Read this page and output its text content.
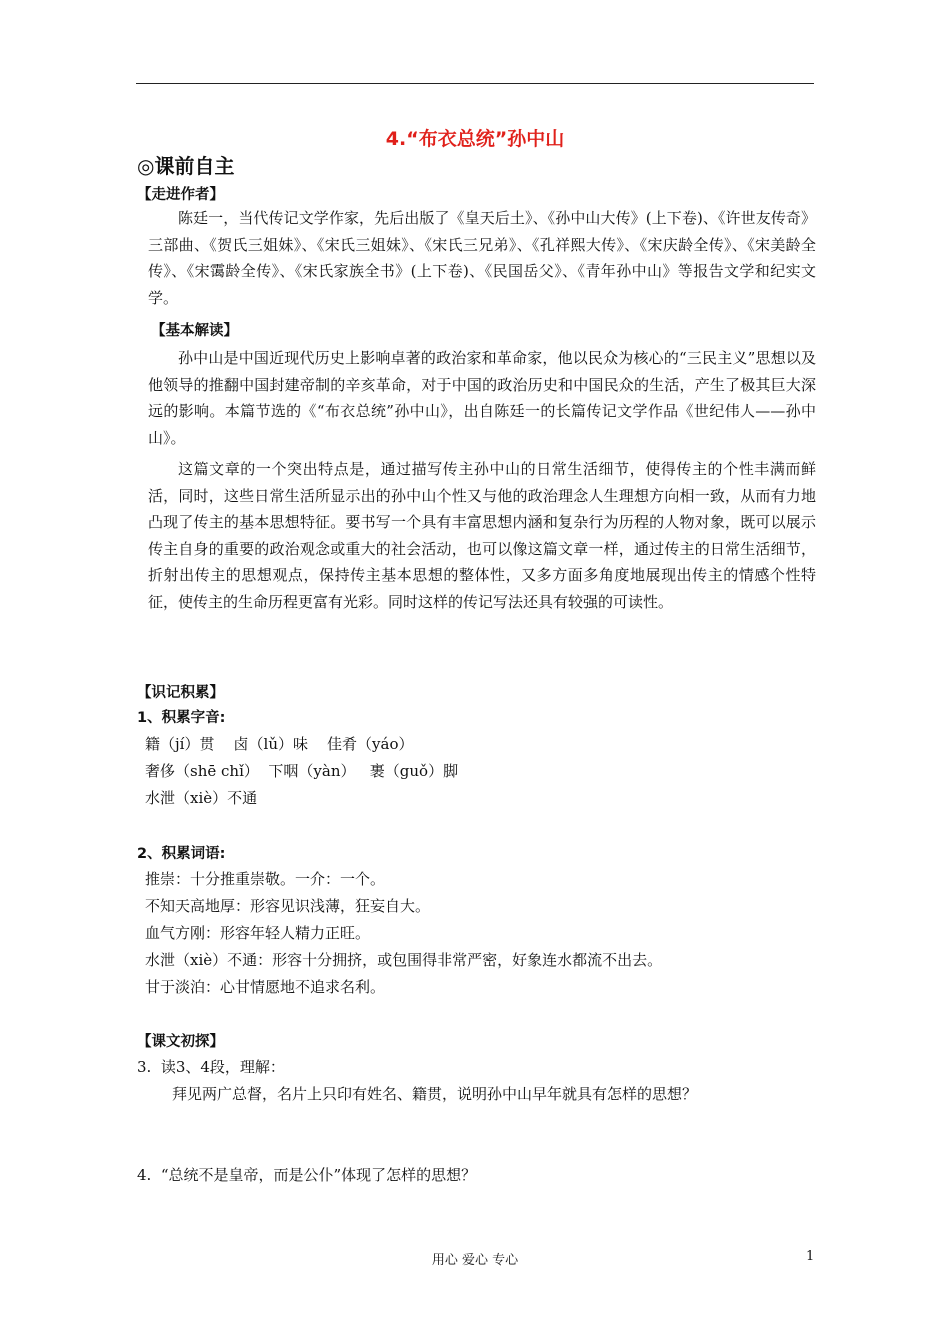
4.“布衣总统”孙中山
◎课前自主
【走进作者】

陈廷一，当代传记文学作家，先后出版了《皇天后土》、《孙中山大传》(上下卷)、《许世友传奇》三部曲、《贺氏三姐妹》、《宋氏三姐妹》、《宋氏三兄弟》、《孔祥熙大传》、《宋庆龄全传》、《宋美龄全传》、《宋霭龄全传》、《宋氏家族全书》(上下卷)、《民国岳父》、《青年孙中山》等报告文学和纪实文学。

【基本解读】

孙中山是中国近现代历史上影响卓著的政治家和革命家，他以民众为核心的“三民主义”思想以及他领导的推翻中国封建帝制的辛亥革命，对于中国的政治历史和中国民众的生活，产生了极其巨大深远的影响。本篇节选的《“布衣总统”孙中山》，出自陈廷一的长篇传记文学作品《世纪伟人——孙中山》。

这篇文章的一个突出特点是，通过描写传主孙中山的日常生活细节，使得传主的个性丰满而鲜活，同时，这些日常生活所显示出的孙中山个性又与他的政治理念人生理想方向相一致，从而有力地凸现了传主的基本思想特征。要书写一个具有丰富思想内涵和复杂行为历程的人物对象，既可以展示传主自身的重要的政治观念或重大的社会活动，也可以像这篇文章一样，通过传主的日常生活细节，折射出传主的思想观点，保持传主基本思想的整体性，又多方面多角度地展现出传主的情感个性特征，使传主的生命历程更富有光彩。同时这样的传记写法还具有较强的可读性。

【识记积累】
1、积累字音:
籍（jí）贯    卤（lǔ）味    佳肴（yáo）
奢侈（shē chǐ）  下咽（yàn）   裹（guǒ）脚
水泄（xiè）不通
2、积累词语:
推崇：十分推重崇敬。一介：一个。
不知天高地厚：形容见识浅薄，狂妄自大。
血气方刚：形容年轻人精力正旺。
水泄（xiè）不通：形容十分拥挤，或包围得非常严密，好象连水都流不出去。
甘于淡泊：心甘情愿地不追求名利。
【课文初探】
3.  读3、4段，理解：
拜见两广总督，名片上只印有姓名、籍贯，说明孙中山早年就具有怎样的思想？
4.  “总统不是皇帝，而是公仆”体现了怎样的思想？
用心 爱心 专心	1
